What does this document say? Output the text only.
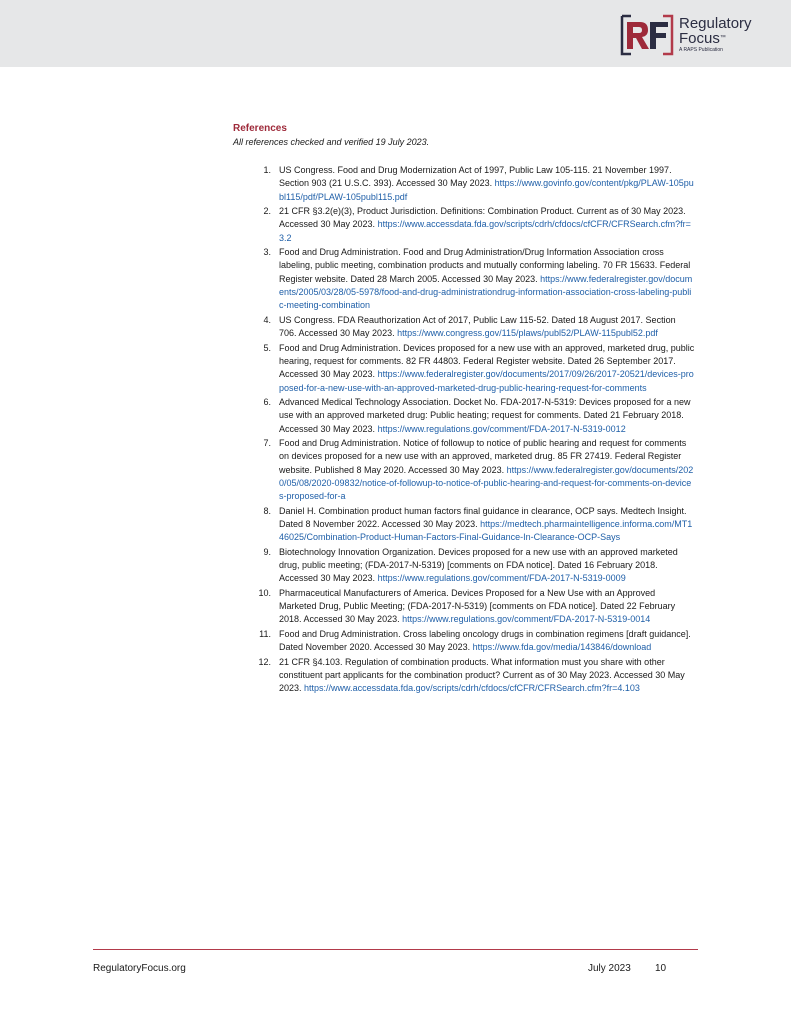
Regulatory
Focus™
A RAPS Publication
References
All references checked and verified 19 July 2023.
1. US Congress. Food and Drug Modernization Act of 1997, Public Law 105-115. 21 November 1997. Section 903 (21 U.S.C. 393). Accessed 30 May 2023. https://www.govinfo.gov/content/pkg/PLAW-105publ115/pdf/PLAW-105publ115.pdf
2. 21 CFR §3.2(e)(3), Product Jurisdiction. Definitions: Combination Product. Current as of 30 May 2023. Accessed 30 May 2023. https://www.accessdata.fda.gov/scripts/cdrh/cfdocs/cfCFR/CFRSearch.cfm?fr=3.2
3. Food and Drug Administration. Food and Drug Administration/Drug Information Association cross labeling, public meeting, combination products and mutually conforming labeling. 70 FR 15633. Federal Register website. Dated 28 March 2005. Accessed 30 May 2023. https://www.federalregister.gov/documents/2005/03/28/05-5978/food-and-drug-administrationdrug-information-association-cross-labeling-public-meeting-combination
4. US Congress. FDA Reauthorization Act of 2017, Public Law 115-52. Dated 18 August 2017. Section 706. Accessed 30 May 2023. https://www.congress.gov/115/plaws/publ52/PLAW-115publ52.pdf
5. Food and Drug Administration. Devices proposed for a new use with an approved, marketed drug, public hearing, request for comments. 82 FR 44803. Federal Register website. Dated 26 September 2017. Accessed 30 May 2023. https://www.federalregister.gov/documents/2017/09/26/2017-20521/devices-proposed-for-a-new-use-with-an-approved-marketed-drug-public-hearing-request-for-comments
6. Advanced Medical Technology Association. Docket No. FDA-2017-N-5319: Devices proposed for a new use with an approved marketed drug: Public heating; request for comments. Dated 21 February 2018. Accessed 30 May 2023. https://www.regulations.gov/comment/FDA-2017-N-5319-0012
7. Food and Drug Administration. Notice of followup to notice of public hearing and request for comments on devices proposed for a new use with an approved, marketed drug. 85 FR 27419. Federal Register website. Published 8 May 2020. Accessed 30 May 2023. https://www.federalregister.gov/documents/2020/05/08/2020-09832/notice-of-followup-to-notice-of-public-hearing-and-request-for-comments-on-devices-proposed-for-a
8. Daniel H. Combination product human factors final guidance in clearance, OCP says. Medtech Insight. Dated 8 November 2022. Accessed 30 May 2023. https://medtech.pharmaintelligence.informa.com/MT146025/Combination-Product-Human-Factors-Final-Guidance-In-Clearance-OCP-Says
9. Biotechnology Innovation Organization. Devices proposed for a new use with an approved marketed drug, public meeting; (FDA-2017-N-5319) [comments on FDA notice]. Dated 16 February 2018. Accessed 30 May 2023. https://www.regulations.gov/comment/FDA-2017-N-5319-0009
10. Pharmaceutical Manufacturers of America. Devices Proposed for a New Use with an Approved Marketed Drug, Public Meeting; (FDA-2017-N-5319) [comments on FDA notice]. Dated 22 February 2018. Accessed 30 May 2023. https://www.regulations.gov/comment/FDA-2017-N-5319-0014
11. Food and Drug Administration. Cross labeling oncology drugs in combination regimens [draft guidance]. Dated November 2020. Accessed 30 May 2023. https://www.fda.gov/media/143846/download
12. 21 CFR §4.103. Regulation of combination products. What information must you share with other constituent part applicants for the combination product? Current as of 30 May 2023. Accessed 30 May 2023. https://www.accessdata.fda.gov/scripts/cdrh/cfdocs/cfCFR/CFRSearch.cfm?fr=4.103
RegulatoryFocus.org	July 2023 10
